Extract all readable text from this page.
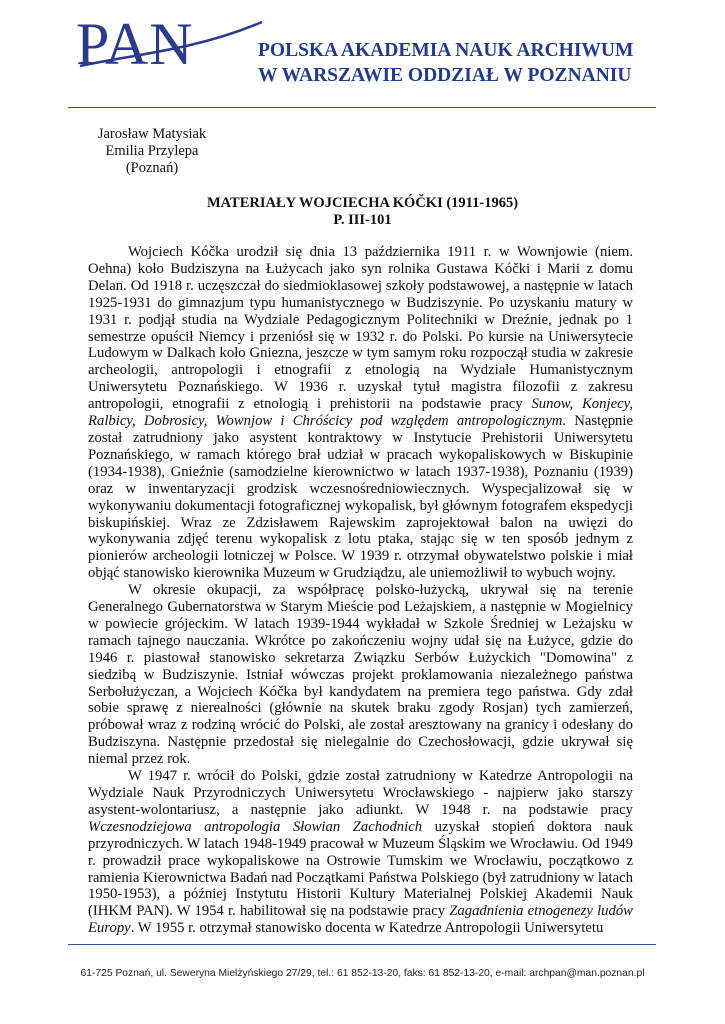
PAN	POLSKA AKADEMIA NAUK ARCHIWUM
W WARSZAWIE ODDZIAŁ W POZNANIU
Jarosław Matysiak
Emilia Przylepa
(Poznań)
MATERIAŁY WOJCIECHA KÓČKI (1911-1965)
P. III-101

Wojciech Kóčka urodził się dnia 13 października 1911 r. w Wownjowie (niem. Oehna) koło Budziszyna na Łużycach jako syn rolnika Gustawa Kóčki i Marii z domu Delan. Od 1918 r. uczęszczał do siedmioklasowej szkoły podstawowej, a następnie w latach 1925-1931 do gimnazjum typu humanistycznego w Budziszynie. Po uzyskaniu matury w 1931 r. podjął studia na Wydziale Pedagogicznym Politechniki w Dreźnie, jednak po 1 semestrze opuścił Niemcy i przeniósł się w 1932 r. do Polski. Po kursie na Uniwersytecie Ludowym w Dalkach koło Gniezna, jeszcze w tym samym roku rozpoczął studia w zakresie archeologii, antropologii i etnografii z etnologią na Wydziale Humanistycznym Uniwersytetu Poznańskiego. W 1936 r. uzyskał tytuł magistra filozofii z zakresu antropologii, etnografii z etnologią i prehistorii na podstawie pracy Sunow, Konjecy, Ralbicy, Dobrosicy, Wownjow i Chróścicy pod względem antropologicznym. Następnie został zatrudniony jako asystent kontraktowy w Instytucie Prehistorii Uniwersytetu Poznańskiego, w ramach którego brał udział w pracach wykopaliskowych w Biskupinie (1934-1938), Gnieźnie (samodzielne kierownictwo w latach 1937-1938), Poznaniu (1939) oraz w inwentaryzacji grodzisk wczesnośredniowiecznych. Wyspecjalizował się w wykonywaniu dokumentacji fotograficznej wykopalisk, był głównym fotografem ekspedycji biskupińskiej. Wraz ze Zdzisławem Rajewskim zaprojektował balon na uwięzi do wykonywania zdjęć terenu wykopalisk z lotu ptaka, stając się w ten sposób jednym z pionierów archeologii lotniczej w Polsce. W 1939 r. otrzymał obywatelstwo polskie i miał objąć stanowisko kierownika Muzeum w Grudziądzu, ale uniemożliwił to wybuch wojny.

W okresie okupacji, za współpracę polsko-łużycką, ukrywał się na terenie Generalnego Gubernatorstwa w Starym Mieście pod Leżajskiem, a następnie w Mogielnicy w powiecie grójeckim. W latach 1939-1944 wykładał w Szkole Średniej w Leżajsku w ramach tajnego nauczania. Wkrótce po zakończeniu wojny udał się na Łużyce, gdzie do 1946 r. piastował stanowisko sekretarza Związku Serbów Łużyckich "Domowina" z siedzibą w Budziszynie. Istniał wówczas projekt proklamowania niezależnego państwa Serbołużyczan, a Wojciech Kóčka był kandydatem na premiera tego państwa. Gdy zdał sobie sprawę z nierealności (głównie na skutek braku zgody Rosjan) tych zamierzeń, próbował wraz z rodziną wrócić do Polski, ale został aresztowany na granicy i odesłany do Budziszyna. Następnie przedostał się nielegalnie do Czechosłowacji, gdzie ukrywał się niemal przez rok.

W 1947 r. wrócił do Polski, gdzie został zatrudniony w Katedrze Antropologii na Wydziale Nauk Przyrodniczych Uniwersytetu Wrocławskiego - najpierw jako starszy asystent-wolontariusz, a następnie jako adiunkt. W 1948 r. na podstawie pracy Wczesnodziejowa antropologia Słowian Zachodnich uzyskał stopień doktora nauk przyrodniczych. W latach 1948-1949 pracował w Muzeum Śląskim we Wrocławiu. Od 1949 r. prowadził prace wykopaliskowe na Ostrowie Tumskim we Wrocławiu, początkowo z ramienia Kierownictwa Badań nad Początkami Państwa Polskiego (był zatrudniony w latach 1950-1953), a później Instytutu Historii Kultury Materialnej Polskiej Akademii Nauk (IHKM PAN). W 1954 r. habilitował się na podstawie pracy Zagadnienia etnogenezy ludów Europy. W 1955 r. otrzymał stanowisko docenta w Katedrze Antropologii Uniwersytetu

61-725 Poznań, ul. Seweryna Mielżyńskiego 27/29, tel.: 61 852-13-20, faks: 61 852-13-20, e-mail: archpan@man.poznan.pl
